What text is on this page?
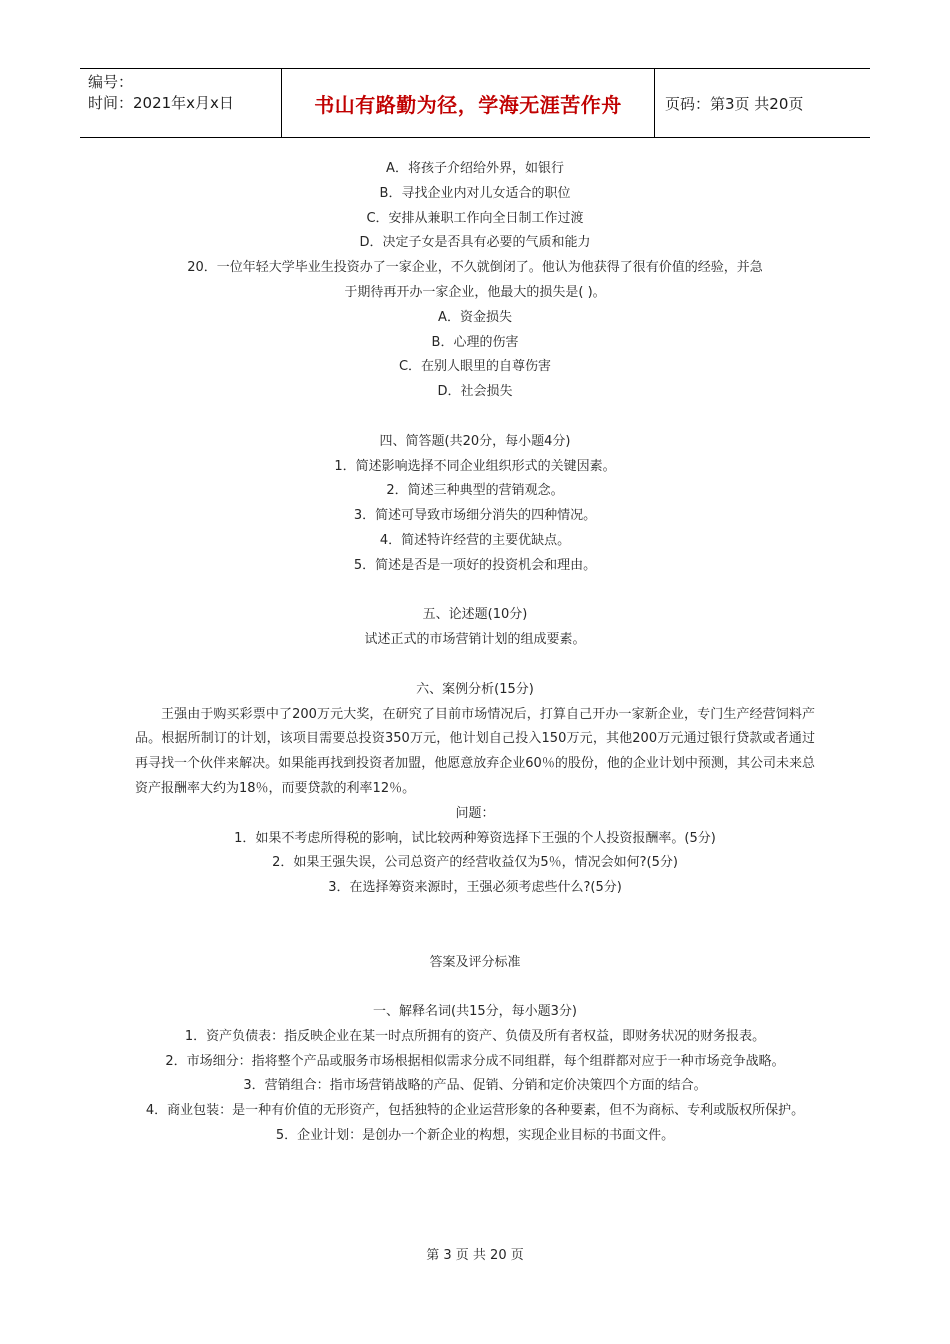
编号：
时间：2021年x月x日	书山有路勤为径，学海无涯苦作舟	页码：第3页 共20页

A．将孩子介绍给外界，如银行

B．寻找企业内对儿女适合的职位

C．安排从兼职工作向全日制工作过渡

D．决定子女是否具有必要的气质和能力

20．一位年轻大学毕业生投资办了一家企业，不久就倒闭了。他认为他获得了很有价值的经验，并急

于期待再开办一家企业，他最大的损失是( )。

A．资金损失

B．心理的伤害

C．在别人眼里的自尊伤害

D．社会损失

四、简答题(共20分，每小题4分)

1．简述影响选择不同企业组织形式的关键因素。

2．简述三种典型的营销观念。

3．简述可导致市场细分消失的四种情况。

4．简述特许经营的主要优缺点。

5．简述是否是一项好的投资机会和理由。

五、论述题(10分)

试述正式的市场营销计划的组成要素。

六、案例分析(15分)

王强由于购买彩票中了200万元大奖，在研究了目前市场情况后，打算自己开办一家新企业，专门生产经营饲料产品。根据所制订的计划，该项目需要总投资350万元，他计划自己投入150万元，其他200万元通过银行贷款或者通过再寻找一个伙伴来解决。如果能再找到投资者加盟，他愿意放弃企业60％的股份，他的企业计划中预测，其公司未来总资产报酬率大约为18％，而要贷款的利率12％。

问题：

1．如果不考虑所得税的影响，试比较两种筹资选择下王强的个人投资报酬率。(5分)

2．如果王强失误，公司总资产的经营收益仅为5％，情况会如何?(5分)

3．在选择筹资来源时，王强必须考虑些什么?(5分)

答案及评分标准

一、解释名词(共15分，每小题3分)

1．资产负债表：指反映企业在某一时点所拥有的资产、负债及所有者权益，即财务状况的财务报表。

2．市场细分：指将整个产品或服务市场根据相似需求分成不同组群，每个组群都对应于一种市场竞争战略。

3．营销组合：指市场营销战略的产品、促销、分销和定价决策四个方面的结合。

4．商业包装：是一种有价值的无形资产，包括独特的企业运营形象的各种要素，但不为商标、专利或版权所保护。

5．企业计划：是创办一个新企业的构想，实现企业目标的书面文件。

第 3 页 共 20 页
